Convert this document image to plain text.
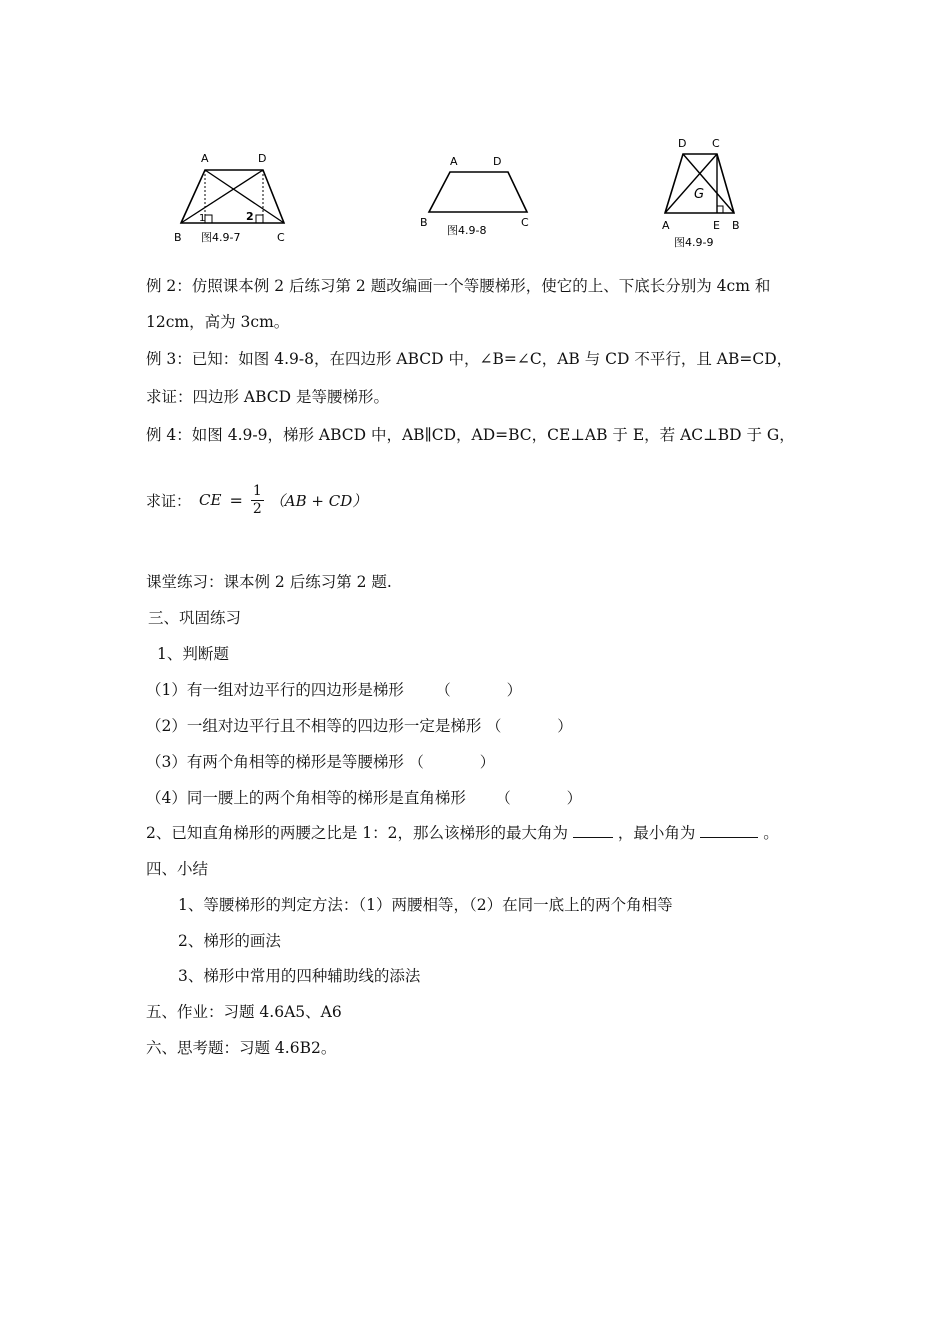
A	D
B	C
1	2
图4.9-7
A	D
B	C
图4.9-8
D C
G
A	E B
图4.9-9
例 2：仿照课本例 2 后练习第 2 题改编画一个等腰梯形，使它的上、下底长分别为 4cm 和
12cm，高为 3cm。
例 3：已知：如图 4.9-8，在四边形 ABCD 中，∠B=∠C，AB 与 CD 不平行，且 AB=CD，
求证：四边形 ABCD 是等腰梯形。
例 4：如图 4.9-9，梯形 ABCD 中，AB∥CD，AD=BC，CE⊥AB 于 E，若 AC⊥BD 于 G，
求证： CE = $\frac{1}{2} (AB + CD)$
课堂练习：课本例 2 后练习第 2 题.
三、巩固练习
1、判断题
（1）有一组对边平行的四边形是梯形 （	）
（2）一组对边平行且不相等的四边形一定是梯形 （	）
（3）有两个角相等的梯形是等腰梯形 （	）
（4）同一腰上的两个角相等的梯形是直角梯形 （	）
2、已知直角梯形的两腰之比是 1：2，那么该梯形的最大角为	，最小角为	。
四、小结
1、等腰梯形的判定方法：（1）两腰相等，（2）在同一底上的两个角相等
2、梯形的画法
3、梯形中常用的四种辅助线的添法
五、作业：习题 4.6A5、A6
六、思考题：习题 4.6B2。
